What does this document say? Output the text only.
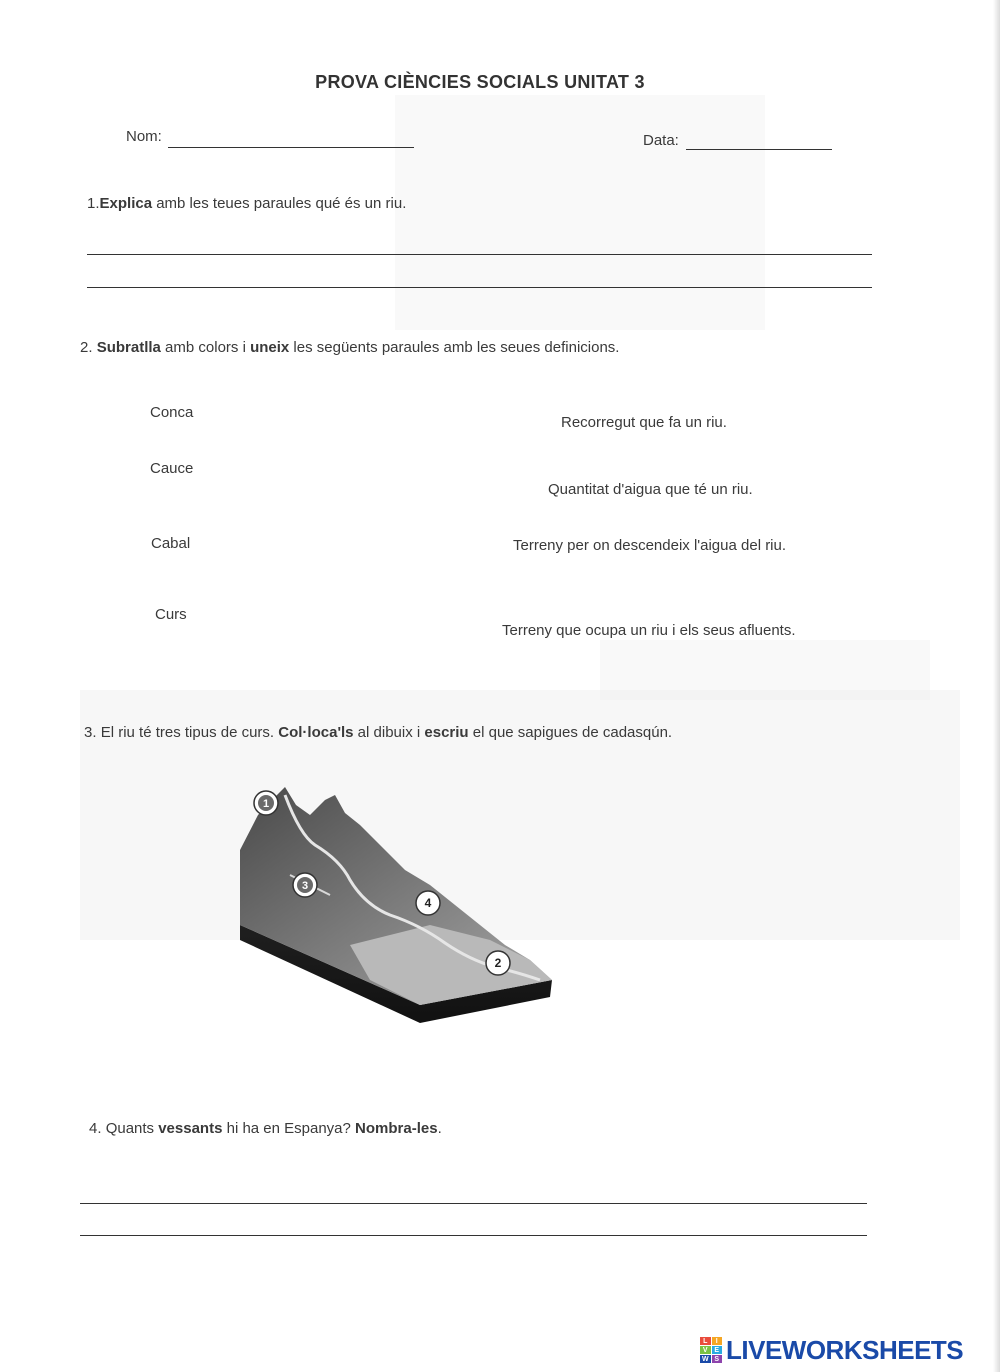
PROVA CIÈNCIES SOCIALS UNITAT 3
Nom:	Data:
1.Explica amb les teues paraules qué és un riu.
2. Subratlla amb colors i uneix les següents paraules amb les seues definicions.
Conca
Cauce
Cabal
Curs
Recorregut que fa un riu.
Quantitat d'aigua que té un riu.
Terreny per on descendeix l'aigua del riu.
Terreny que ocupa un riu i els seus afluents.
3. El riu té tres tipus de curs. Col·loca'ls al dibuix i escriu el que sapigues de cadasqún.
1
3
4
2
4. Quants vessants hi ha en Espanya? Nombra-les.
L	I
V E
W S LIVEWORKSHEETS
